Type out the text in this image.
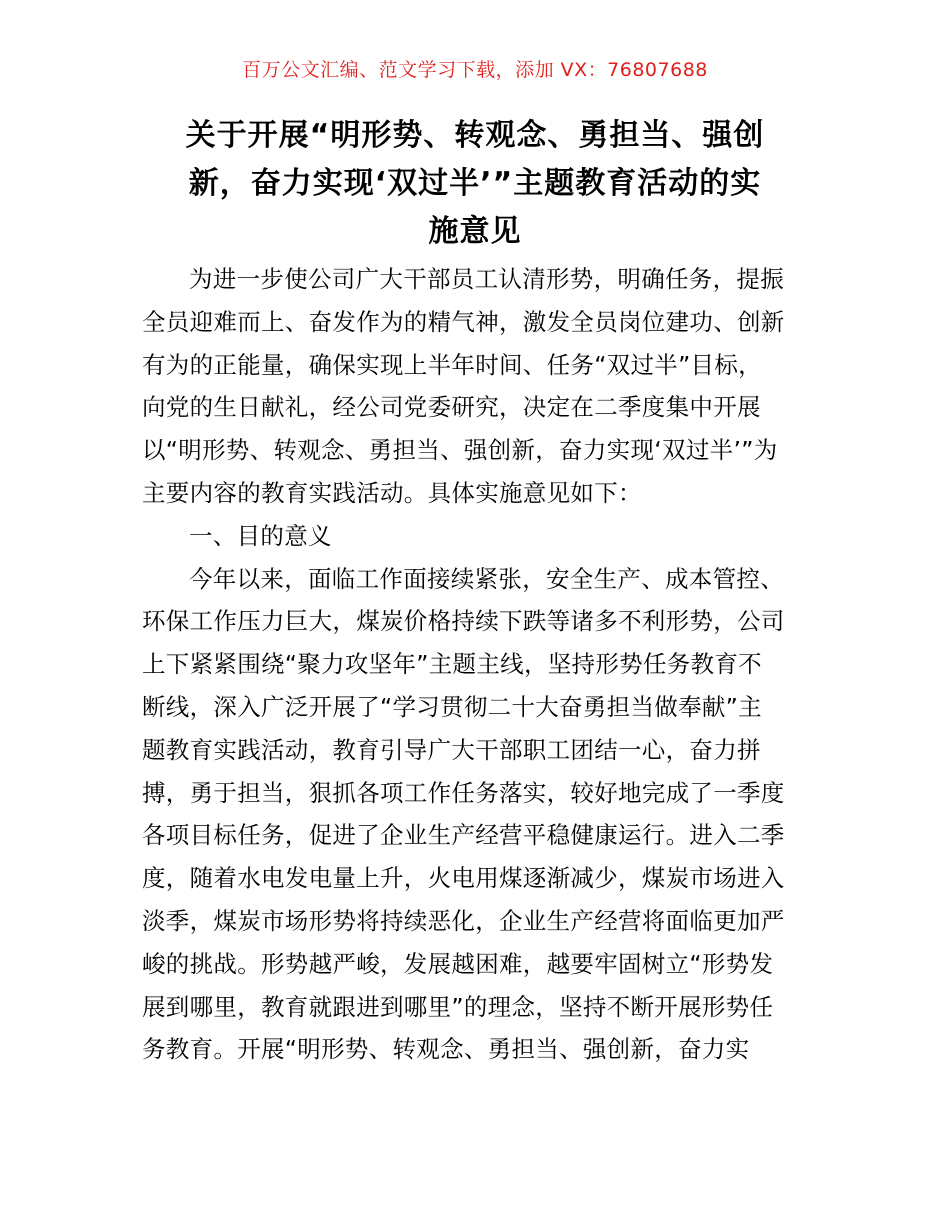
百万公文汇编、范文学习下载，添加 VX：76807688
关于开展“明形势、转观念、勇担当、强创
新，奋力实现‘双过半’”主题教育活动的实
施意见
为进一步使公司广大干部员工认清形势，明确任务，提振
全员迎难而上、奋发作为的精气神，激发全员岗位建功、创新
有为的正能量，确保实现上半年时间、任务“双过半”目标，
向党的生日献礼，经公司党委研究，决定在二季度集中开展
以“明形势、转观念、勇担当、强创新，奋力实现‘双过半’”为
主要内容的教育实践活动。具体实施意见如下：
一、目的意义
今年以来，面临工作面接续紧张，安全生产、成本管控、
环保工作压力巨大，煤炭价格持续下跌等诸多不利形势，公司
上下紧紧围绕“聚力攻坚年”主题主线，坚持形势任务教育不
断线，深入广泛开展了“学习贯彻二十大奋勇担当做奉献”主
题教育实践活动，教育引导广大干部职工团结一心，奋力拼
搏，勇于担当，狠抓各项工作任务落实，较好地完成了一季度
各项目标任务，促进了企业生产经营平稳健康运行。进入二季
度，随着水电发电量上升，火电用煤逐渐减少，煤炭市场进入
淡季，煤炭市场形势将持续恶化，企业生产经营将面临更加严
峻的挑战。形势越严峻，发展越困难，越要牢固树立“形势发
展到哪里，教育就跟进到哪里”的理念，坚持不断开展形势任
务教育。开展“明形势、转观念、勇担当、强创新，奋力实
